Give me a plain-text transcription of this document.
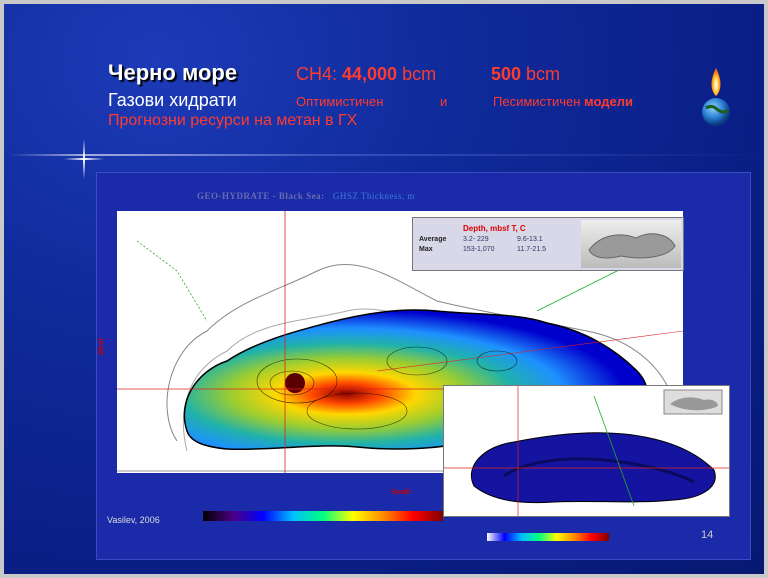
Черно море	CH4: 44,000 bcm	500 bcm
Газови хидрати	Оптимистичен	и	Песимистичен модели
Прогнозни ресурси на метан в ГХ
GEO-HYDRATE - Black Sea: GHSZ Thickness, m
Depth, mbsf T, C
Average 3.2- 229	9.6-13.1
Max	153-1,070	11.7-21.5
West
South
Vasilev, 2006
14
